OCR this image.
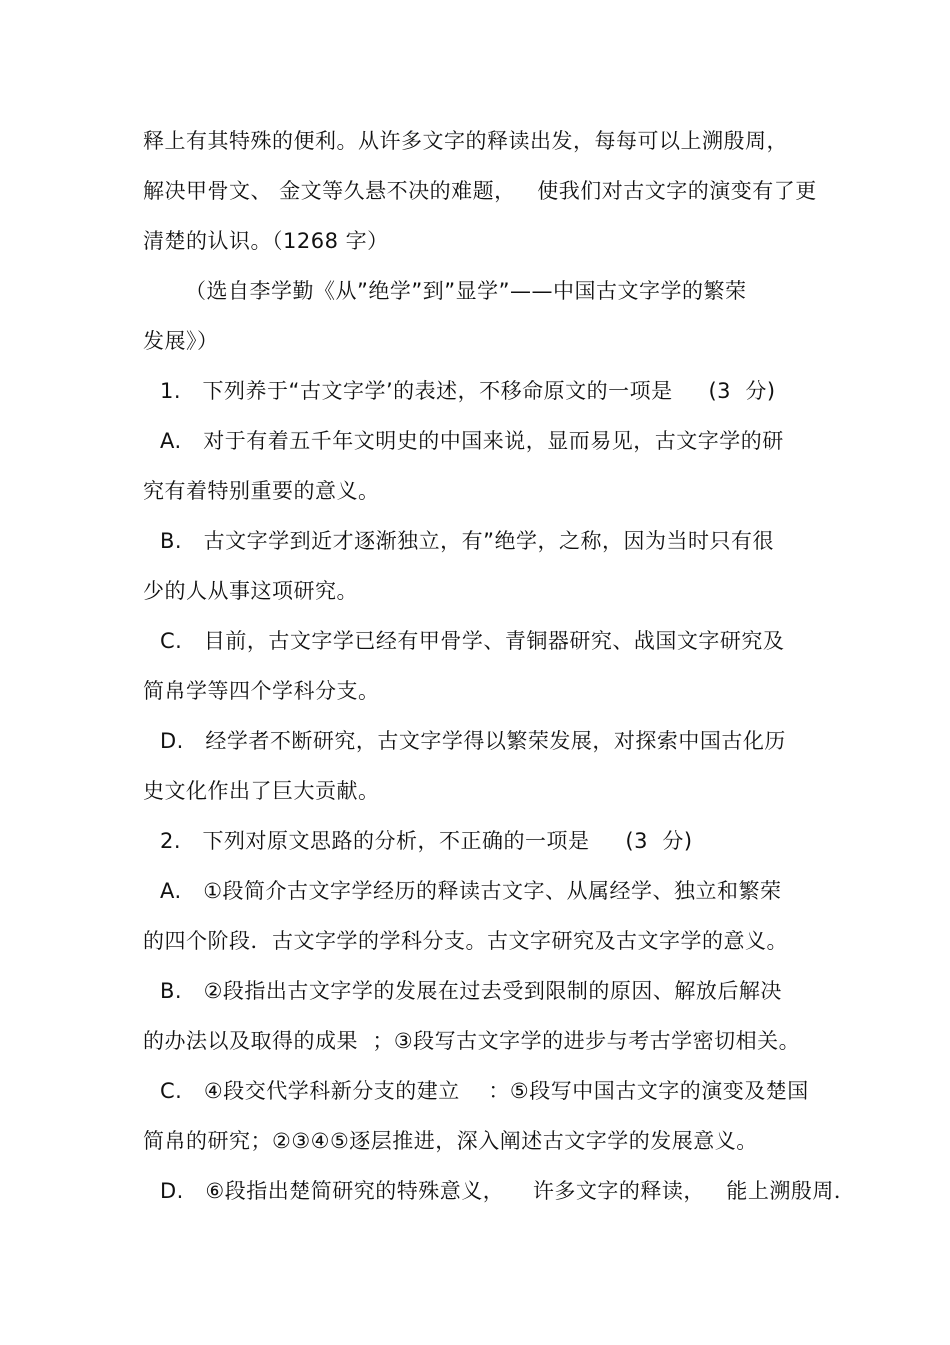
释上有其特殊的便利。从许多文字的释读出发，每每可以上溯殷周，
解决甲骨文、 金文等久悬不决的难题，   使我们对古文字的演变有了更
清楚的认识。（1268 字）
（选自李学勤《从”绝学”到”显学”——中国古文字学的繁荣
发展》）
1.   下列养于“古文字学’的表述，不移命原文的一项是     (3  分)
A.   对于有着五千年文明史的中国来说，显而易见，古文字学的研
究有着特别重要的意义。
B.   古文字学到近才逐渐独立，有”绝学，之称，因为当时只有很
少的人从事这项研究。
C.   目前，古文字学已经有甲骨学、青铜器研究、战国文字研究及
简帛学等四个学科分支。
D.   经学者不断研究，古文字学得以繁荣发展，对探索中国古化历
史文化作出了巨大贡献。
2.   下列对原文思路的分析，不正确的一项是     (3  分)
A.   ①段简介古文字学经历的释读古文字、从属经学、独立和繁荣
的四个阶段．古文字学的学科分支。古文字研究及古文字学的意义。
B.   ②段指出古文字学的发展在过去受到限制的原因、解放后解决
的办法以及取得的成果  ；③段写古文字学的进步与考古学密切相关。
C.   ④段交代学科新分支的建立    ：⑤段写中国古文字的演变及楚国
简帛的研究；②③④⑤逐层推进，深入阐述古文字学的发展意义。
D.   ⑥段指出楚简研究的特殊意义，    许多文字的释读，   能上溯殷周．
